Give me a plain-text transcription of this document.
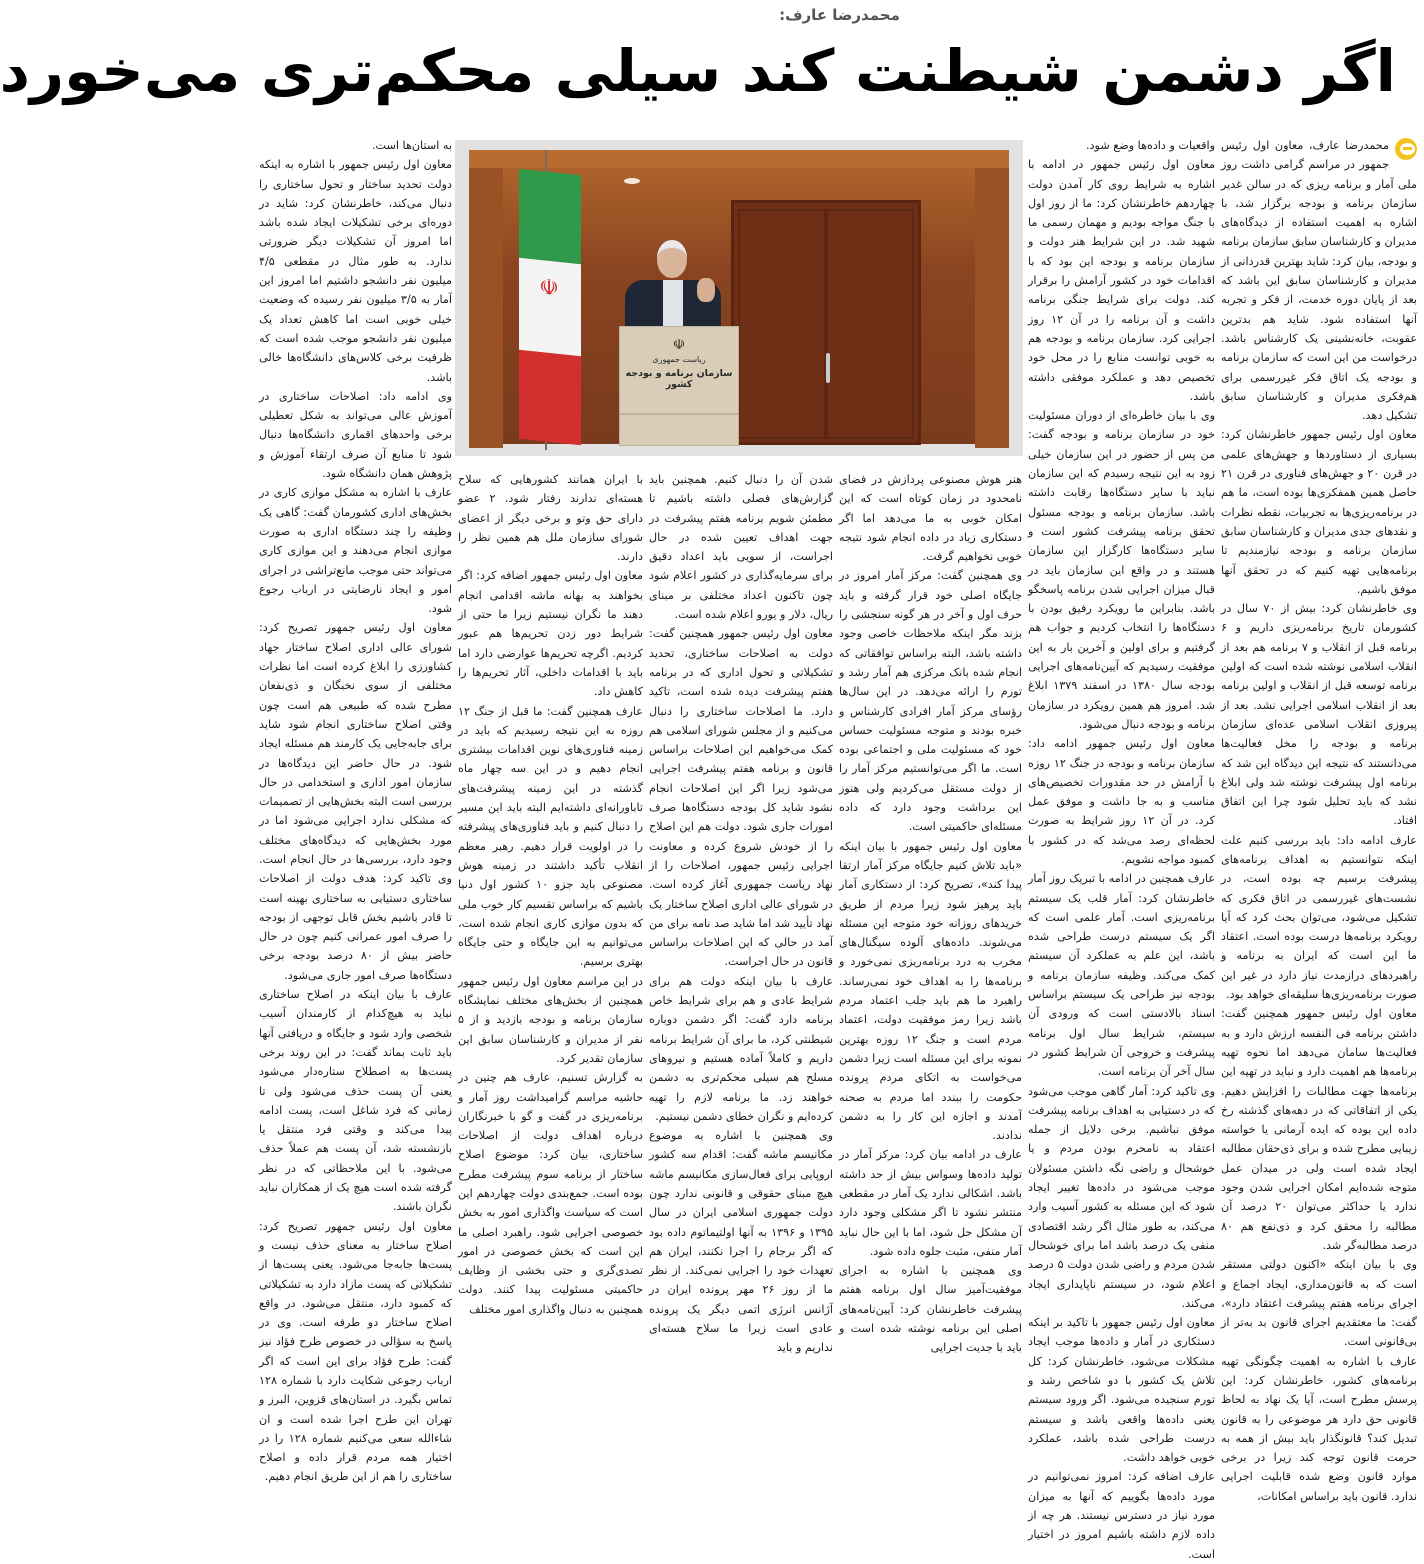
محمدرضا عارف:
اگر دشمن شیطنت کند سیلی محکم‌تری می‌خورد

محمدرضا عارف، معاون اول رئیس جمهور در مراسم گرامی داشت روز ملی آمار و برنامه ریزی که در سالن غدیر سازمان برنامه و بودجه برگزار شد، با اشاره به اهمیت استفاده از دیدگاه‌های مدیران و کارشناسان سابق سازمان برنامه و بودجه، بیان کرد: شاید بهترین قدردانی از مدیران و کارشناسان سابق این باشد که بعد از پایان دوره خدمت، از فکر و تجربه آنها استفاده شود. شاید هم بدترین عقوبت، خانه‌نشینی یک کارشناس باشد. درخواست من این است که سازمان برنامه و بودجه یک اتاق فکر غیررسمی برای هم‌فکری مدیران و کارشناسان سابق تشکیل دهد.

معاون اول رئیس جمهور خاطرنشان کرد: بسیاری از دستاوردها و جهش‌های علمی در قرن ۲۰ و جهش‌های فناوری در قرن ۲۱ حاصل همین همفکری‌ها بوده است، ما هم در برنامه‌ریزی‌ها به تجربیات، نقطه نظرات و نقدهای جدی مدیران و کارشناسان سابق سازمان برنامه و بودجه نیازمندیم تا برنامه‌هایی تهیه کنیم که در تحقق آنها موفق باشیم.

وی خاطرنشان کرد: بیش از ۷۰ سال در کشورمان تاریخ برنامه‌ریزی داریم و ۶ برنامه قبل از انقلاب و ۷ برنامه هم بعد از انقلاب اسلامی نوشته شده است که اولین برنامه توسعه قبل از انقلاب و اولین برنامه بعد از انقلاب اسلامی اجرایی نشد. بعد از پیروزی انقلاب اسلامی عده‌ای سازمان برنامه و بودجه را مخل فعالیت‌ها می‌دانستند که نتیجه این دیدگاه این شد که برنامه اول پیشرفت نوشته شد ولی ابلاغ نشد که باید تحلیل شود چرا این اتفاق افتاد.

عارف ادامه داد: باید بررسی کنیم علت اینکه نتوانستیم به اهداف برنامه‌های پیشرفت برسیم چه بوده است، در نشست‌های غیررسمی در اتاق فکری که تشکیل می‌شود، می‌توان بحث کرد که آیا رویکرد برنامه‌ها درست بوده است. اعتقاد ما این است که ایران به برنامه و راهبردهای درازمدت نیاز دارد در غیر این صورت برنامه‌ریزی‌ها سلیقه‌ای خواهد بود.

معاون اول رئیس جمهور همچنین گفت: داشتن برنامه فی النفسه ارزش دارد و به فعالیت‌ها سامان می‌دهد اما نحوه تهیه برنامه‌ها هم اهمیت دارد و نباید در تهیه این برنامه‌ها جهت مطالبات را افزایش دهیم. یکی از اتفاقاتی که در دهه‌های گذشته رخ داده این بوده که ایده آرمانی یا خواسته زیبایی مطرح شده و برای ذی‌حقان مطالبه ایجاد شده است ولی در میدان عمل متوجه شده‌ایم امکان اجرایی شدن وجود ندارد یا حداکثر می‌توان ۲۰ درصد آن مطالبه را محقق کرد و ذی‌نفع هم ۸۰ درصد مطالبه‌گر شد.

وی با بیان اینکه «اکنون دولتی مستقر است که به قانون‌مداری، ایجاد اجماع و اجرای برنامه هفتم پیشرفت اعتقاد دارد»، گفت: ما معتقدیم اجرای قانون بد به‌تر از بی‌قانونی است.

عارف با اشاره به اهمیت چگونگی تهیه برنامه‌های کشور، خاطرنشان کرد: این پرسش مطرح است، آیا یک نهاد به لحاظ قانونی حق دارد هر موضوعی را به قانون تبدیل کند؟ قانونگذار باید بیش از همه به حرمت قانون توجه کند زیرا در برخی موارد قانون وضع شده قابلیت اجرایی ندارد. قانون باید براساس امکانات،

واقعیات و داده‌ها وضع شود.

معاون اول رئیس جمهور در ادامه با اشاره به شرایط روی کار آمدن دولت چهاردهم خاطرنشان کرد: ما از روز اول با جنگ مواجه بودیم و مهمان رسمی ما شهید شد. در این شرایط هنر دولت و سازمان برنامه و بودجه این بود که با اقدامات خود در کشور آرامش را برقرار کند. دولت برای شرایط جنگی برنامه داشت و آن برنامه را در آن ۱۲ روز اجرایی کرد. سازمان برنامه و بودجه هم به خوبی توانست منابع را در محل خود تخصیص دهد و عملکرد موفقی داشته باشد.

وی با بیان خاطره‌ای از دوران مسئولیت خود در سازمان برنامه و بودجه گفت: من پس از حضور در این سازمان خیلی زود به این نتیجه رسیدم که این سازمان نباید با سایر دستگاه‌ها رقابت داشته باشد. سازمان برنامه و بودجه مسئول تحقق برنامه پیشرفت کشور است و سایر دستگاه‌ها کارگزار این سازمان هستند و در واقع این سازمان باید در قبال میزان اجرایی شدن برنامه پاسخگو باشد. بنابراین ما رویکرد رفیق بودن با دستگاه‌ها را انتخاب کردیم و جواب هم گرفتیم و برای اولین و آخرین بار به این موفقیت رسیدیم که آیین‌نامه‌های اجرایی بودجه سال ۱۳۸۰ در اسفند ۱۳۷۹ ابلاغ شد. امروز هم همین رویکرد در سازمان برنامه و بودجه دنبال می‌شود.

معاون اول رئیس جمهور ادامه داد: سازمان برنامه و بودجه در جنگ ۱۲ روزه با آرامش در حد مقدورات تخصیص‌های مناسب و به جا داشت و موفق عمل کرد. در آن ۱۲ روز شرایط به صورت لحظه‌ای رصد می‌شد که در کشور با کمبود مواجه نشویم.

عارف همچنین در ادامه با تبریک روز آمار خاطرنشان کرد: آمار قلب یک سیستم برنامه‌ریزی است. آمار علمی است که اگر یک سیستم درست طراحی شده باشد، این علم به عملکرد آن سیستم کمک می‌کند. وظیفه سازمان برنامه و بودجه نیز طراحی یک سیستم براساس اسناد بالادستی است که ورودی آن سیستم، شرایط سال اول برنامه پیشرفت و خروجی آن شرایط کشور در سال آخر آن برنامه است.

وی تاکید کرد: آمار گاهی موجب می‌شود که در دستیابی به اهداف برنامه پیشرفت موفق نباشیم. برخی دلایل از جمله اعتقاد به نامحرم بودن مردم و یا خوشحال و راضی نگه داشتن مسئولان موجب می‌شود در داده‌ها تغییر ایجاد شود که این مسئله به کشور آسیب وارد می‌کند، به طور مثال اگر رشد اقتصادی منفی یک درصد باشد اما برای خوشحال شدن مردم و راضی شدن دولت ۵ درصد اعلام شود، در سیستم ناپایداری ایجاد می‌کند.

معاون اول رئیس جمهور با تاکید بر اینکه دستکاری در آمار و داده‌ها موجب ایجاد مشکلات می‌شود، خاطرنشان کرد: کل تلاش یک کشور با دو شاخص رشد و تورم سنجیده می‌شود. اگر ورود سیستم یعنی داده‌ها واقعی باشد و سیستم درست طراحی شده باشد، عملکرد خوبی خواهد داشت.

عارف اضافه کرد: امروز نمی‌توانیم در مورد داده‌ها بگوییم که آنها به میزان مورد نیاز در دسترس نیستند. هر چه از داده لازم داشته باشیم امروز در اختیار است.

☫
☫
ریاست جمهوری
سازمان برنامه و بودجه کشور

هنر هوش مصنوعی پردازش در فضای نامحدود در زمان کوتاه است که این امکان خوبی به ما می‌دهد اما اگر دستکاری زیاد در داده انجام شود نتیجه خوبی نخواهیم گرفت.

وی همچنین گفت: مرکز آمار امروز در جایگاه اصلی خود قرار گرفته و باید حرف اول و آخر در هر گونه سنجشی را بزند مگر اینکه ملاحظات خاصی وجود داشته باشد، البته براساس توافقاتی که انجام شده بانک مرکزی هم آمار رشد و تورم را ارائه می‌دهد. در این سال‌ها رؤسای مرکز آمار افرادی کارشناس و خبره بودند و متوجه مسئولیت حساس خود که مسئولیت ملی و اجتماعی بوده است. ما اگر می‌توانستیم مرکز آمار را از دولت مستقل می‌کردیم ولی هنوز این برداشت وجود دارد که داده مسئله‌ای حاکمیتی است.

معاون اول رئیس جمهور با بیان اینکه «باید تلاش کنیم جایگاه مرکز آمار ارتقا پیدا کند»، تصریح کرد: از دستکاری آمار باید پرهیز شود زیرا مردم از طریق خریدهای روزانه خود متوجه این مسئله می‌شوند. داده‌های آلوده سیگنال‌های مخرب به درد برنامه‌ریزی نمی‌خورد و برنامه‌ها را به اهداف خود نمی‌رساند. راهبرد ما هم باید جلب اعتماد مردم باشد زیرا رمز موفقیت دولت، اعتماد مردم است و جنگ ۱۲ روزه بهترین نمونه برای این مسئله است زیرا دشمن می‌خواست به اتکای مردم پرونده حکومت را ببندد اما مردم به صحنه آمدند و اجازه این کار را به دشمن ندادند.

عارف در ادامه بیان کرد: مرکز آمار در تولید داده‌ها وسواس بیش از حد داشته باشد. اشکالی ندارد یک آمار در مقطعی منتشر نشود تا اگر مشکلی وجود دارد آن مشکل حل شود، اما با این حال نباید آمار منفی، مثبت جلوه داده شود.

وی همچنین با اشاره به اجرای موفقیت‌آمیز سال اول برنامه هفتم پیشرفت خاطرنشان کرد: آیین‌نامه‌های اصلی این برنامه نوشته شده است و باید با جدیت اجرایی

شدن آن را دنبال کنیم. همچنین باید گزارش‌های فصلی داشته باشیم تا مطمئن شویم برنامه هفتم پیشرفت در جهت اهداف تعیین شده در حال اجراست، از سویی باید اعداد دقیق برای سرمایه‌گذاری در کشور اعلام شود چون تاکنون اعداد مختلفی بر مبنای ریال، دلار و یورو اعلام شده است.

معاون اول رئیس جمهور همچنین گفت: دولت به اصلاحات ساختاری، تحدید تشکیلاتی و تحول اداری که در برنامه هفتم پیشرفت دیده شده است، تاکید دارد. ما اصلاحات ساختاری را دنبال می‌کنیم و از مجلس شورای اسلامی هم کمک می‌خواهیم این اصلاحات براساس قانون و برنامه هفتم پیشرفت اجرایی می‌شود زیرا اگر این اصلاحات انجام نشود شاید کل بودجه دستگاه‌ها صرف امورات جاری شود. دولت هم این اصلاح را از خودش شروع کرده و معاونت اجرایی رئیس جمهور، اصلاحات را از نهاد ریاست جمهوری آغاز کرده است. در شورای عالی اداری اصلاح ساختار یک نهاد تأیید شد اما شاید صد نامه برای من آمد در حالی که این اصلاحات براساس قانون در حال اجراست.

عارف با بیان اینکه دولت هم برای شرایط عادی و هم برای شرایط خاص برنامه دارد گفت: اگر دشمن دوباره شیطنتی کرد، ما برای آن شرایط برنامه داریم و کاملاً آماده هستیم و نیروهای مسلح هم سیلی محکم‌تری به دشمن خواهند زد. ما برنامه لازم را تهیه کرده‌ایم و نگران خطای دشمن نیستیم.

وی همچنین با اشاره به موضوع مکانیسم ماشه گفت: اقدام سه کشور اروپایی برای فعال‌سازی مکانیسم ماشه هیچ مبنای حقوقی و قانونی ندارد چون دولت جمهوری اسلامی ایران در سال ۱۳۹۵ و ۱۳۹۶ به آنها اولتیماتوم داده بود که اگر برجام را اجرا نکنند، ایران هم تعهدات خود را اجرایی نمی‌کند. از نظر ما از روز ۲۶ مهر پرونده ایران در آژانس انرژی اتمی دیگر یک پرونده عادی است زیرا ما سلاح هسته‌ای نداریم و باید

با ایران همانند کشورهایی که سلاح هسته‌ای ندارند رفتار شود. ۲ عضو دارای حق وتو و برخی دیگر از اعضای شورای سازمان ملل هم همین نظر را دارند.

معاون اول رئیس جمهور اضافه کرد: اگر بخواهند به بهانه ماشه اقدامی انجام دهند ما نگران نیستیم زیرا ما حتی از شرایط دور زدن تحریم‌ها هم عبور کردیم. اگرچه تحریم‌ها عوارضی دارد اما باید با اقدامات داخلی، آثار تحریم‌ها را کاهش داد.

عارف همچنین گفت: ما قبل از جنگ ۱۲ روزه به این نتیجه رسیدیم که باید در زمینه فناوری‌های نوین اقدامات بیشتری انجام دهیم و در این سه چهار ماه گذشته در این زمینه پیشرفت‌های تاباورانه‌ای داشته‌ایم البته باید این مسیر را دنبال کنیم و باید فناوری‌های پیشرفته را در اولویت قرار دهیم. رهبر معظم انقلاب تأکید داشتند در زمینه هوش مصنوعی باید جزو ۱۰ کشور اول دنیا باشیم که براساس تقسیم کار خوب ملی که بدون موازی کاری انجام شده است، می‌توانیم به این جایگاه و حتی جایگاه بهتری برسیم.

در این مراسم معاون اول رئیس جمهور همچنین از بخش‌های مختلف نمایشگاه سازمان برنامه و بودجه بازدید و از ۵ نفر از مدیران و کارشناسان سابق این سازمان تقدیر کرد.

به گزارش تسنیم، عارف هم چنین در حاشیه مراسم گرامیداشت روز آمار و برنامه‌ریزی در گفت و گو با خبرنگاران درباره اهداف دولت از اصلاحات ساختاری، بیان کرد: موضوع اصلاح ساختار از برنامه سوم پیشرفت مطرح بوده است. جمع‌بندی دولت چهاردهم این است که سیاست واگذاری امور به بخش خصوصی اجرایی شود. راهبرد اصلی ما این است که بخش خصوصی در امور تصدی‌گری و حتی بخشی از وظایف حاکمیتی مسئولیت پیدا کنند. دولت همچنین به دنبال واگذاری امور مختلف

به استان‌ها است.

معاون اول رئیس جمهور با اشاره به اینکه دولت تحدید ساختار و تحول ساختاری را دنبال می‌کند، خاطرنشان کرد: شاید در دوره‌ای برخی تشکیلات ایجاد شده باشد اما امروز آن تشکیلات دیگر ضرورتی ندارد. به طور مثال در مقطعی ۴/۵ میلیون نفر دانشجو داشتیم اما امروز این آمار به ۳/۵ میلیون نفر رسیده که وضعیت خیلی خوبی است اما کاهش تعداد یک میلیون نفر دانشجو موجب شده است که ظرفیت برخی کلاس‌های دانشگاه‌ها خالی باشد.

وی ادامه داد: اصلاحات ساختاری در آموزش عالی می‌تواند به شکل تعطیلی برخی واحدهای اقماری دانشگاه‌ها دنبال شود تا منابع آن صرف ارتقاء آموزش و پژوهش همان دانشگاه شود.

عارف با اشاره به مشکل موازی کاری در بخش‌های اداری کشورمان گفت: گاهی یک وظیفه را چند دستگاه اداری به صورت موازی انجام می‌دهند و این موازی کاری می‌تواند حتی موجب مانع‌تراشی در اجرای امور و ایجاد نارضایتی در ارباب رجوع شود.

معاون اول رئیس جمهور تصریح کرد: شورای عالی اداری اصلاح ساختار جهاد کشاورزی را ابلاغ کرده است اما نظرات مختلفی از سوی نخبگان و ذی‌نفعان مطرح شده که طبیعی هم است چون وقتی اصلاح ساختاری انجام شود شاید برای جابه‌جایی یک کارمند هم مسئله ایجاد شود. در حال حاضر این دیدگاه‌ها در سازمان امور اداری و استخدامی در حال بررسی است البته بخش‌هایی از تصمیمات که مشکلی ندارد اجرایی می‌شود اما در مورد بخش‌هایی که دیدگاه‌های مختلف وجود دارد، بررسی‌ها در حال انجام است. وی تاکید کرد: هدف دولت از اصلاحات ساختاری دستیابی به ساختاری بهینه است تا قادر باشیم بخش قابل توجهی از بودجه را صرف امور عمرانی کنیم چون در حال حاضر بیش از ۸۰ درصد بودجه برخی دستگاه‌ها صرف امور جاری می‌شود.

عارف با بیان اینکه در اصلاح ساختاری نباید به هیچ‌کدام از کارمندان آسیب شخصی وارد شود و جایگاه و دریافتی آنها باید ثابت بماند گفت: در این روند برخی پست‌ها به اصطلاح ستاره‌دار می‌شود یعنی آن پست حذف می‌شود ولی تا زمانی که فرد شاغل است، پست ادامه پیدا می‌کند و وقتی فرد منتقل یا بازنشسته شد، آن پست هم عملاً حذف می‌شود. با این ملاحظاتی که در نظر گرفته شده است هیچ یک از همکاران نباید نگران باشند.

معاون اول رئیس جمهور تصریح کرد: اصلاح ساختار به معنای حذف نیست و پست‌ها جابه‌جا می‌شود. یعنی پست‌ها از تشکیلاتی که پست مازاد دارد به تشکیلاتی که کمبود دارد، منتقل می‌شود. در واقع اصلاح ساختار دو طرفه است. وی در پاسخ به سؤالی در خصوص طرح فؤاد نیز گفت: طرح فؤاد برای این است که اگر ارباب رجوعی شکایت دارد با شماره ۱۲۸ تماس بگیرد. در استان‌های قزوین، البرز و تهران این طرح اجرا شده است و ان شاءالله سعی می‌کنیم شماره ۱۲۸ را در اختیار همه مردم قرار داده و اصلاح ساختاری را هم از این طریق انجام دهیم.
